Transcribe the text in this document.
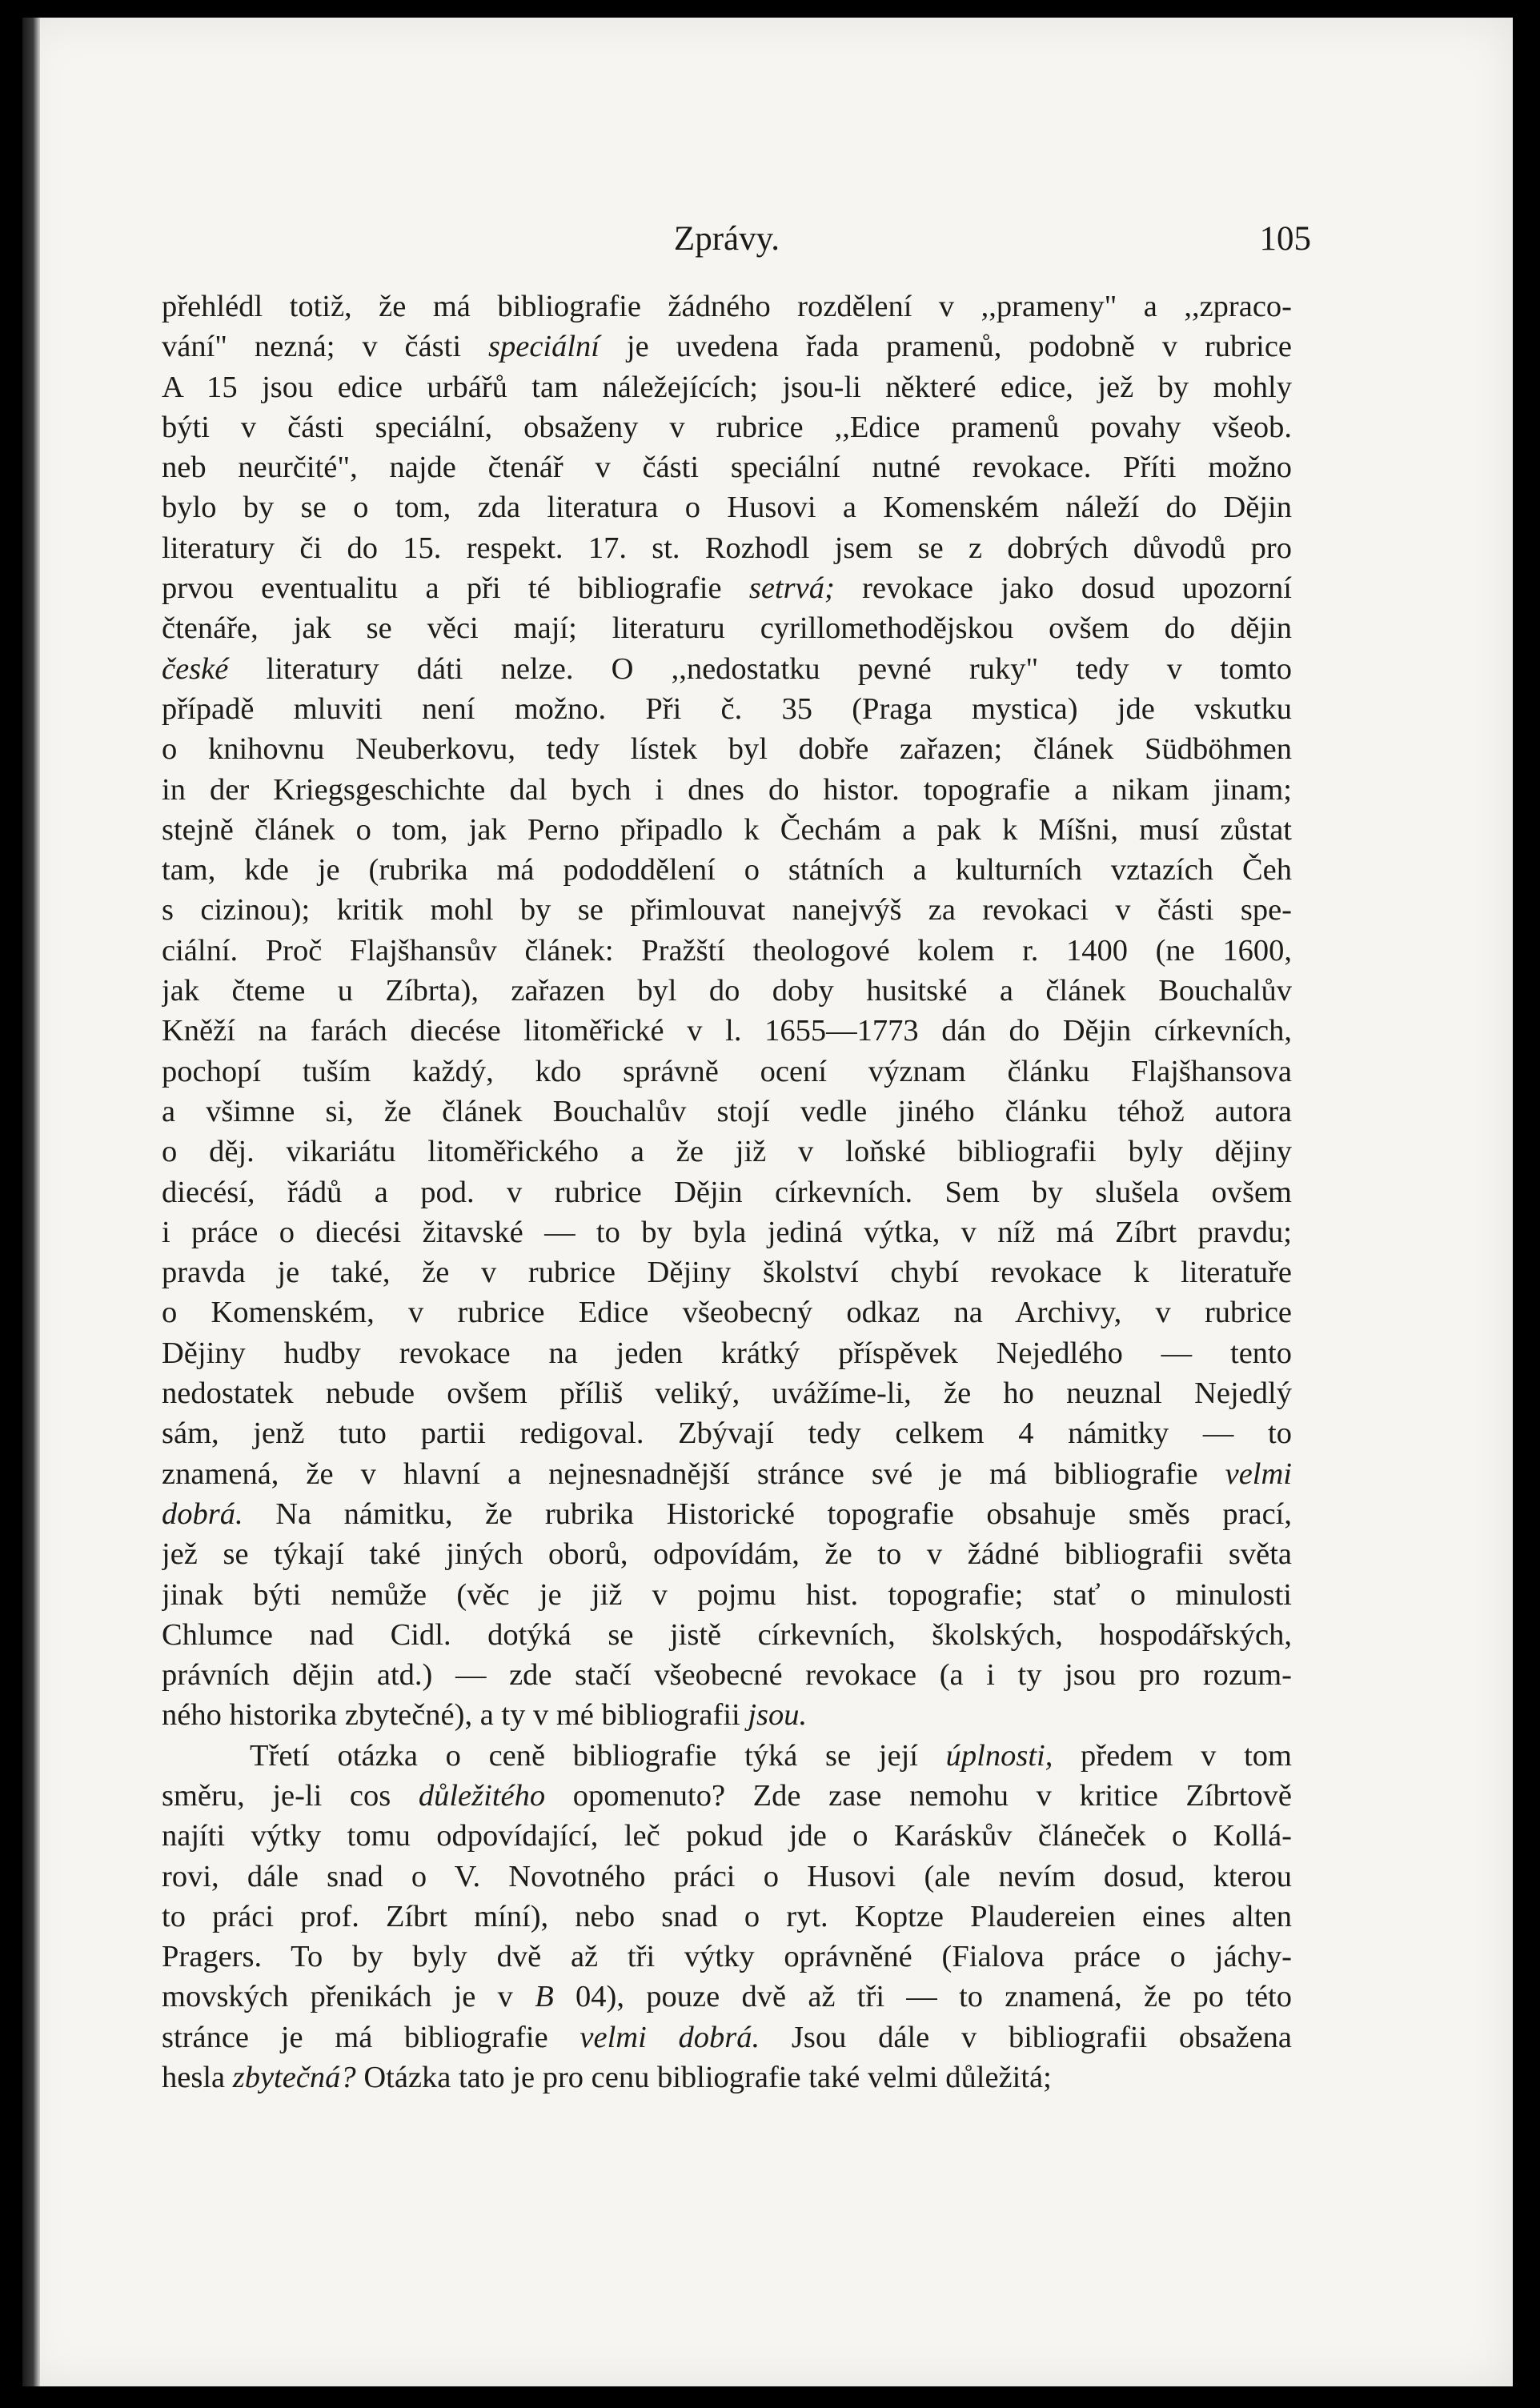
Zprávy.	105
přehlédl totiž, že má bibliografie žádného rozdělení v ,,prameny" a ,,zpraco-
vání" nezná; v části speciální je uvedena řada pramenů, podobně v rubrice
A 15 jsou edice urbářů tam náležejících; jsou-li některé edice, jež by mohly
býti v části speciální, obsaženy v rubrice ,,Edice pramenů povahy všeob.
neb neurčité", najde čtenář v části speciální nutné revokace. Příti možno
bylo by se o tom, zda literatura o Husovi a Komenském náleží do Dějin
literatury či do 15. respekt. 17. st. Rozhodl jsem se z dobrých důvodů pro
prvou eventualitu a při té bibliografie setrvá; revokace jako dosud upozorní
čtenáře, jak se věci mají; literaturu cyrillomethodějskou ovšem do dějin
české literatury dáti nelze. O ,,nedostatku pevné ruky" tedy v tomto
případě mluviti není možno. Při č. 35 (Praga mystica) jde vskutku
o knihovnu Neuberkovu, tedy lístek byl dobře zařazen; článek Südböhmen
in der Kriegsgeschichte dal bych i dnes do histor. topografie a nikam jinam;
stejně článek o tom, jak Perno připadlo k Čechám a pak k Míšni, musí zůstat
tam, kde je (rubrika má pododdělení o státních a kulturních vztazích Čeh
s cizinou); kritik mohl by se přimlouvat nanejvýš za revokaci v části spe-
ciální. Proč Flajšhansův článek: Pražští theologové kolem r. 1400 (ne 1600,
jak čteme u Zíbrta), zařazen byl do doby husitské a článek Bouchalův
Kněží na farách diecése litoměřické v l. 1655—1773 dán do Dějin církevních,
pochopí tuším každý, kdo správně ocení význam článku Flajšhansova
a všimne si, že článek Bouchalův stojí vedle jiného článku téhož autora
o děj. vikariátu litoměřického a že již v loňské bibliografii byly dějiny
diecésí, řádů a pod. v rubrice Dějin církevních. Sem by slušela ovšem
i práce o diecési žitavské — to by byla jediná výtka, v níž má Zíbrt pravdu;
pravda je také, že v rubrice Dějiny školství chybí revokace k literatuře
o Komenském, v rubrice Edice všeobecný odkaz na Archivy, v rubrice
Dějiny hudby revokace na jeden krátký příspěvek Nejedlého — tento
nedostatek nebude ovšem příliš veliký, uvážíme-li, že ho neuznal Nejedlý
sám, jenž tuto partii redigoval. Zbývají tedy celkem 4 námitky — to
znamená, že v hlavní a nejnesnadnější stránce své je má bibliografie velmi
dobrá. Na námitku, že rubrika Historické topografie obsahuje směs prací,
jež se týkají také jiných oborů, odpovídám, že to v žádné bibliografii světa
jinak býti nemůže (věc je již v pojmu hist. topografie; stať o minulosti
Chlumce nad Cidl. dotýká se jistě církevních, školských, hospodářských,
právních dějin atd.) — zde stačí všeobecné revokace (a i ty jsou pro rozum-
ného historika zbytečné), a ty v mé bibliografii jsou.
Třetí otázka o ceně bibliografie týká se její úplnosti, předem v tom
směru, je-li cos důležitého opomenuto? Zde zase nemohu v kritice Zíbrtově
najíti výtky tomu odpovídající, leč pokud jde o Karáskův článeček o Kollá-
rovi, dále snad o V. Novotného práci o Husovi (ale nevím dosud, kterou
to práci prof. Zíbrt míní), nebo snad o ryt. Koptze Plaudereien eines alten
Pragers. To by byly dvě až tři výtky oprávněné (Fialova práce o jáchy-
movských přenikách je v B 04), pouze dvě až tři — to znamená, že po této
stránce je má bibliografie velmi dobrá. Jsou dále v bibliografii obsažena
hesla zbytečná? Otázka tato je pro cenu bibliografie také velmi důležitá;
